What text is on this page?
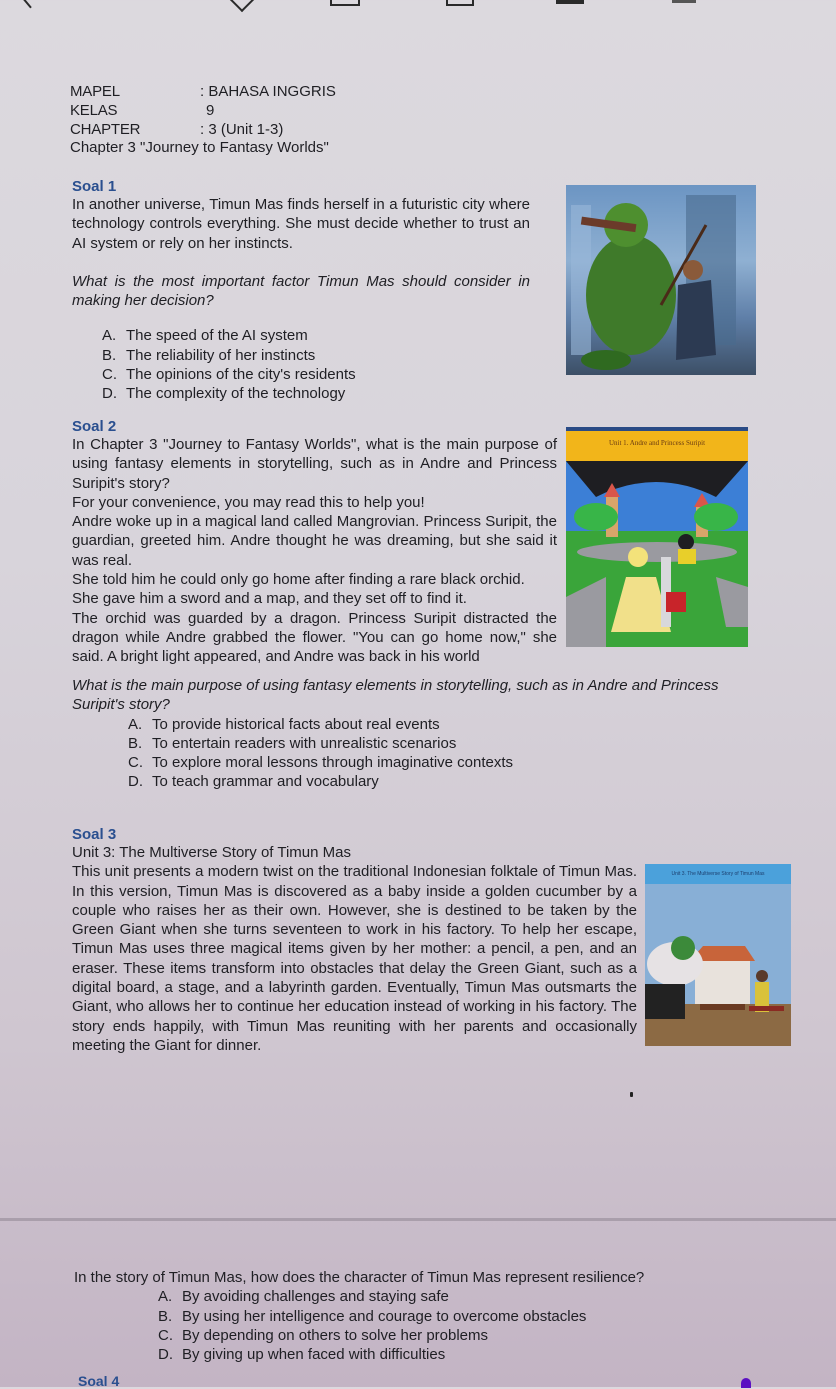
MAPEL	: BAHASA INGGRIS
KELAS	9
CHAPTER	: 3 (Unit 1-3)
Chapter 3 "Journey to Fantasy Worlds"
Soal 1
In another universe, Timun Mas finds herself in a futuristic city where technology controls everything. She must decide whether to trust an AI system or rely on her instincts.
What is the most important factor Timun Mas should consider in making her decision?
A. The speed of the AI system
B. The reliability of her instincts
C. The opinions of the city's residents
D. The complexity of the technology
Soal 2
In Chapter 3 "Journey to Fantasy Worlds", what is the main purpose of using fantasy elements in storytelling, such as in Andre and Princess Suripit's story?
For your convenience, you may read this to help you!
Andre woke up in a magical land called Mangrovian. Princess Suripit, the guardian, greeted him. Andre thought he was dreaming, but she said it was real.
She told him he could only go home after finding a rare black orchid.
She gave him a sword and a map, and they set off to find it.
The orchid was guarded by a dragon. Princess Suripit distracted the dragon while Andre grabbed the flower. "You can go home now," she said. A bright light appeared, and Andre was back in his world
Unit 1. Andre and Princess Suripit
What is the main purpose of using fantasy elements in storytelling, such as in Andre and Princess Suripit's story?
A. To provide historical facts about real events
B. To entertain readers with unrealistic scenarios
C. To explore moral lessons through imaginative contexts
D. To teach grammar and vocabulary
Soal 3
Unit 3: The Multiverse Story of Timun Mas
This unit presents a modern twist on the traditional Indonesian folktale of Timun Mas. In this version, Timun Mas is discovered as a baby inside a golden cucumber by a couple who raises her as their own. However, she is destined to be taken by the Green Giant when she turns seventeen to work in his factory. To help her escape, Timun Mas uses three magical items given by her mother: a pencil, a pen, and an eraser. These items transform into obstacles that delay the Green Giant, such as a digital board, a stage, and a labyrinth garden. Eventually, Timun Mas outsmarts the Giant, who allows her to continue her education instead of working in his factory. The story ends happily, with Timun Mas reuniting with her parents and occasionally meeting the Giant for dinner.
Unit 3. The Multiverse Story of Timun Mas
In the story of Timun Mas, how does the character of Timun Mas represent resilience?
A. By avoiding challenges and staying safe
B. By using her intelligence and courage to overcome obstacles
C. By depending on others to solve her problems
D. By giving up when faced with difficulties
Soal 4
